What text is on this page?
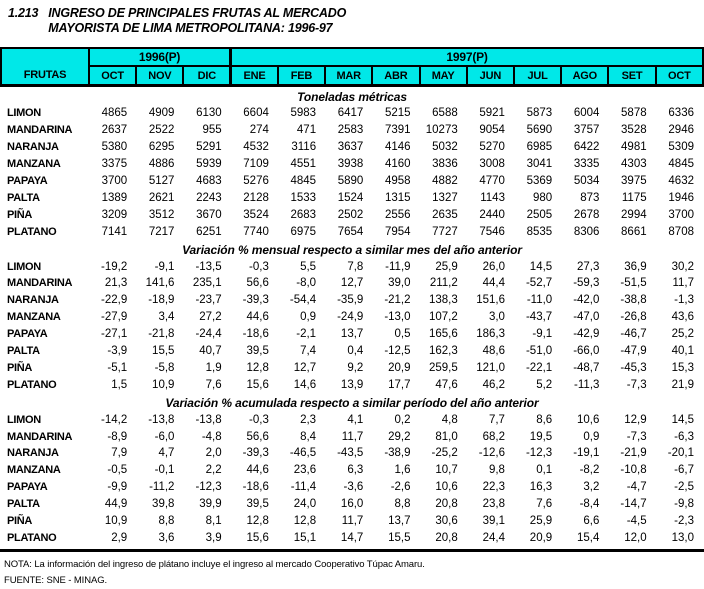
1.213 INGRESO DE PRINCIPALES FRUTAS AL MERCADO
MAYORISTA DE LIMA METROPOLITANA: 1996-97
FRUTAS	1996(P)			1997(P)									
	OCT	NOV	DIC	ENE	FEB	MAR	ABR	MAY	JUN	JUL	AGO	SET	OCT
Toneladas métricas													
LIMON	4865	4909	6130	6604	5983	6417	5215	6588	5921	5873	6004	5878	6336
MANDARINA	2637	2522	955	274	471	2583	7391	10273	9054	5690	3757	3528	2946
NARANJA	5380	6295	5291	4532	3116	3637	4146	5032	5270	6985	6422	4981	5309
MANZANA	3375	4886	5939	7109	4551	3938	4160	3836	3008	3041	3335	4303	4845
PAPAYA	3700	5127	4683	5276	4845	5890	4958	4882	4770	5369	5034	3975	4632
PALTA	1389	2621	2243	2128	1533	1524	1315	1327	1143	980	873	1175	1946
PIÑA	3209	3512	3670	3524	2683	2502	2556	2635	2440	2505	2678	2994	3700
PLATANO	7141	7217	6251	7740	6975	7654	7954	7727	7546	8535	8306	8661	8708
Variación % mensual respecto a similar mes del año anterior													
LIMON	-19,2	-9,1	-13,5	-0,3	5,5	7,8	-11,9	25,9	26,0	14,5	27,3	36,9	30,2
MANDARINA	21,3	141,6	235,1	56,6	-8,0	12,7	39,0	211,2	44,4	-52,7	-59,3	-51,5	11,7
NARANJA	-22,9	-18,9	-23,7	-39,3	-54,4	-35,9	-21,2	138,3	151,6	-11,0	-42,0	-38,8	-1,3
MANZANA	-27,9	3,4	27,2	44,6	0,9	-24,9	-13,0	107,2	3,0	-43,7	-47,0	-26,8	43,6
PAPAYA	-27,1	-21,8	-24,4	-18,6	-2,1	13,7	0,5	165,6	186,3	-9,1	-42,9	-46,7	25,2
PALTA	-3,9	15,5	40,7	39,5	7,4	0,4	-12,5	162,3	48,6	-51,0	-66,0	-47,9	40,1
PIÑA	-5,1	-5,8	1,9	12,8	12,7	9,2	20,9	259,5	121,0	-22,1	-48,7	-45,3	15,3
PLATANO	1,5	10,9	7,6	15,6	14,6	13,9	17,7	47,6	46,2	5,2	-11,3	-7,3	21,9
Variación % acumulada respecto a similar período del año anterior													
LIMON	-14,2	-13,8	-13,8	-0,3	2,3	4,1	0,2	4,8	7,7	8,6	10,6	12,9	14,5
MANDARINA	-8,9	-6,0	-4,8	56,6	8,4	11,7	29,2	81,0	68,2	19,5	0,9	-7,3	-6,3
NARANJA	7,9	4,7	2,0	-39,3	-46,5	-43,5	-38,9	-25,2	-12,6	-12,3	-19,1	-21,9	-20,1
MANZANA	-0,5	-0,1	2,2	44,6	23,6	6,3	1,6	10,7	9,8	0,1	-8,2	-10,8	-6,7
PAPAYA	-9,9	-11,2	-12,3	-18,6	-11,4	-3,6	-2,6	10,6	22,3	16,3	3,2	-4,7	-2,5
PALTA	44,9	39,8	39,9	39,5	24,0	16,0	8,8	20,8	23,8	7,6	-8,4	-14,7	-9,8
PIÑA	10,9	8,8	8,1	12,8	12,8	11,7	13,7	30,6	39,1	25,9	6,6	-4,5	-2,3
PLATANO	2,9	3,6	3,9	15,6	15,1	14,7	15,5	20,8	24,4	20,9	15,4	12,0	13,0
NOTA: La información del ingreso de plátano incluye el ingreso al mercado Cooperativo Túpac Amaru.
FUENTE: SNE - MINAG.
